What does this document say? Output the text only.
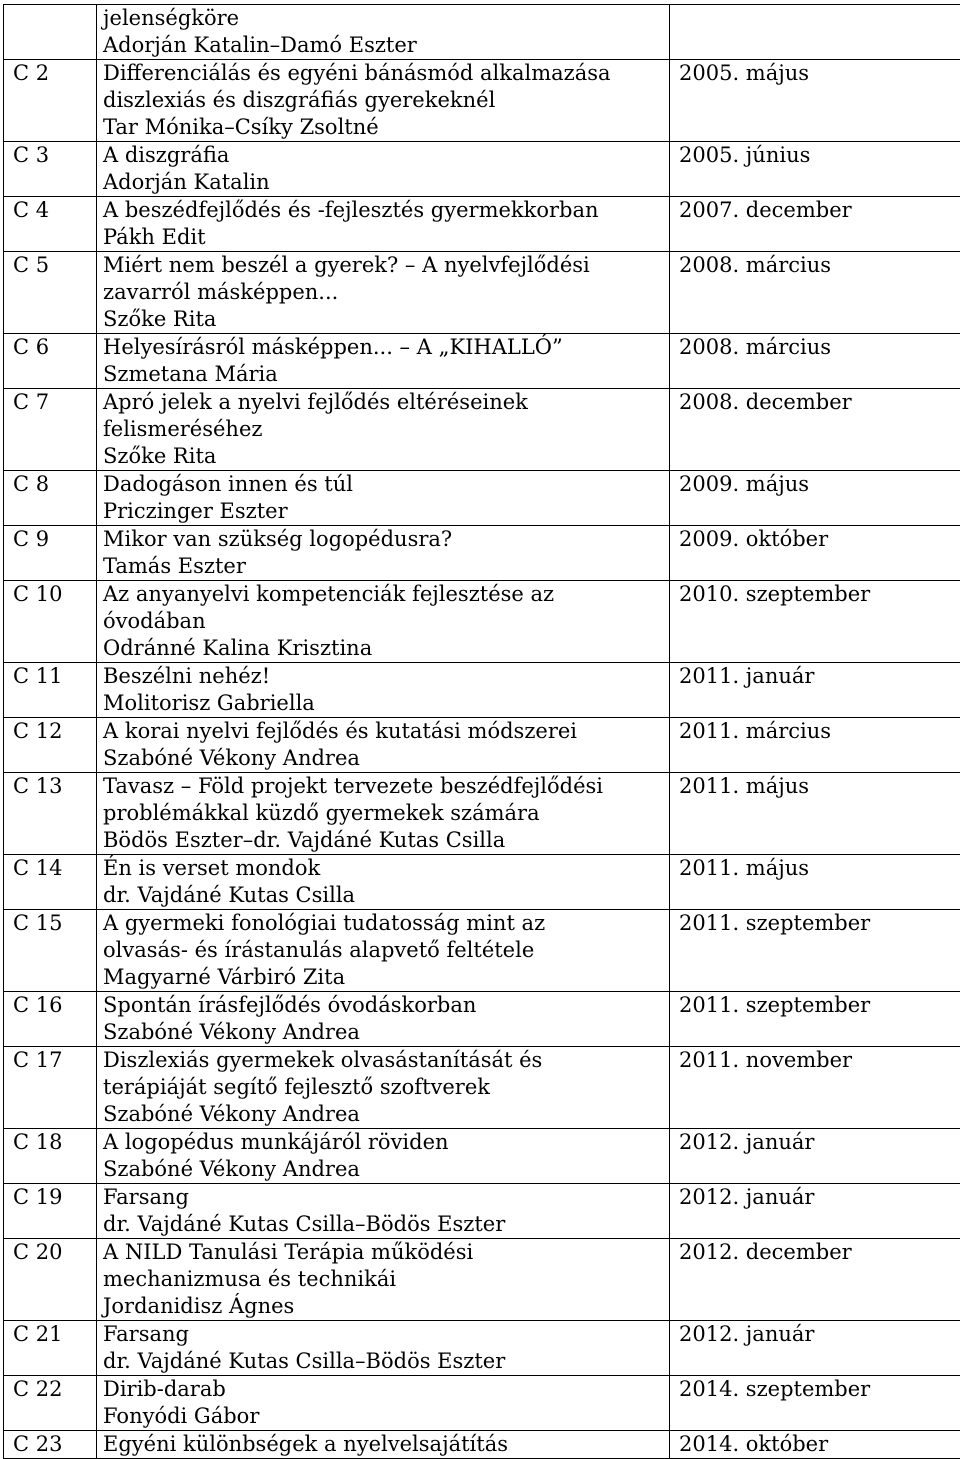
	jelenségköre
Adorján Katalin–Damó Eszter	

C 2	Differenciálás és egyéni bánásmód alkalmazása
diszlexiás és diszgráfiás gyerekeknél
Tar Mónika–Csíky Zsoltné	2005. május

C 3	A diszgráfia
Adorján Katalin	2005. június

C 4	A beszédfejlődés és -fejlesztés gyermekkorban
Pákh Edit	2007. december

C 5	Miért nem beszél a gyerek? – A nyelvfejlődési
zavarról másképpen...
Szőke Rita	2008. március

C 6	Helyesírásról másképpen... – A „KIHALLÓ”
Szmetana Mária	2008. március

C 7	Apró jelek a nyelvi fejlődés eltéréseinek
felismeréséhez
Szőke Rita	2008. december

C 8	Dadogáson innen és túl
Priczinger Eszter	2009. május

C 9	Mikor van szükség logopédusra?
Tamás Eszter	2009. október

C 10	Az anyanyelvi kompetenciák fejlesztése az
óvodában
Odránné Kalina Krisztina	2010. szeptember

C 11	Beszélni nehéz!
Molitorisz Gabriella	2011. január

C 12	A korai nyelvi fejlődés és kutatási módszerei
Szabóné Vékony Andrea	2011. március

C 13	Tavasz – Föld projekt tervezete beszédfejlődési
problémákkal küzdő gyermekek számára
Bödös Eszter–dr. Vajdáné Kutas Csilla	2011. május

C 14	Én is verset mondok
dr. Vajdáné Kutas Csilla	2011. május

C 15	A gyermeki fonológiai tudatosság mint az
olvasás- és írástanulás alapvető feltétele
Magyarné Várbiró Zita	2011. szeptember

C 16	Spontán írásfejlődés óvodáskorban
Szabóné Vékony Andrea	2011. szeptember

C 17	Diszlexiás gyermekek olvasástanítását és
terápiáját segítő fejlesztő szoftverek
Szabóné Vékony Andrea	2011. november

C 18	A logopédus munkájáról röviden
Szabóné Vékony Andrea	2012. január

C 19	Farsang
dr. Vajdáné Kutas Csilla–Bödös Eszter	2012. január

C 20	A NILD Tanulási Terápia működési
mechanizmusa és technikái
Jordanidisz Ágnes	2012. december

C 21	Farsang
dr. Vajdáné Kutas Csilla–Bödös Eszter	2012. január

C 22	Dirib-darab
Fonyódi Gábor	2014. szeptember

C 23	Egyéni különbségek a nyelvelsajátítás	2014. október
